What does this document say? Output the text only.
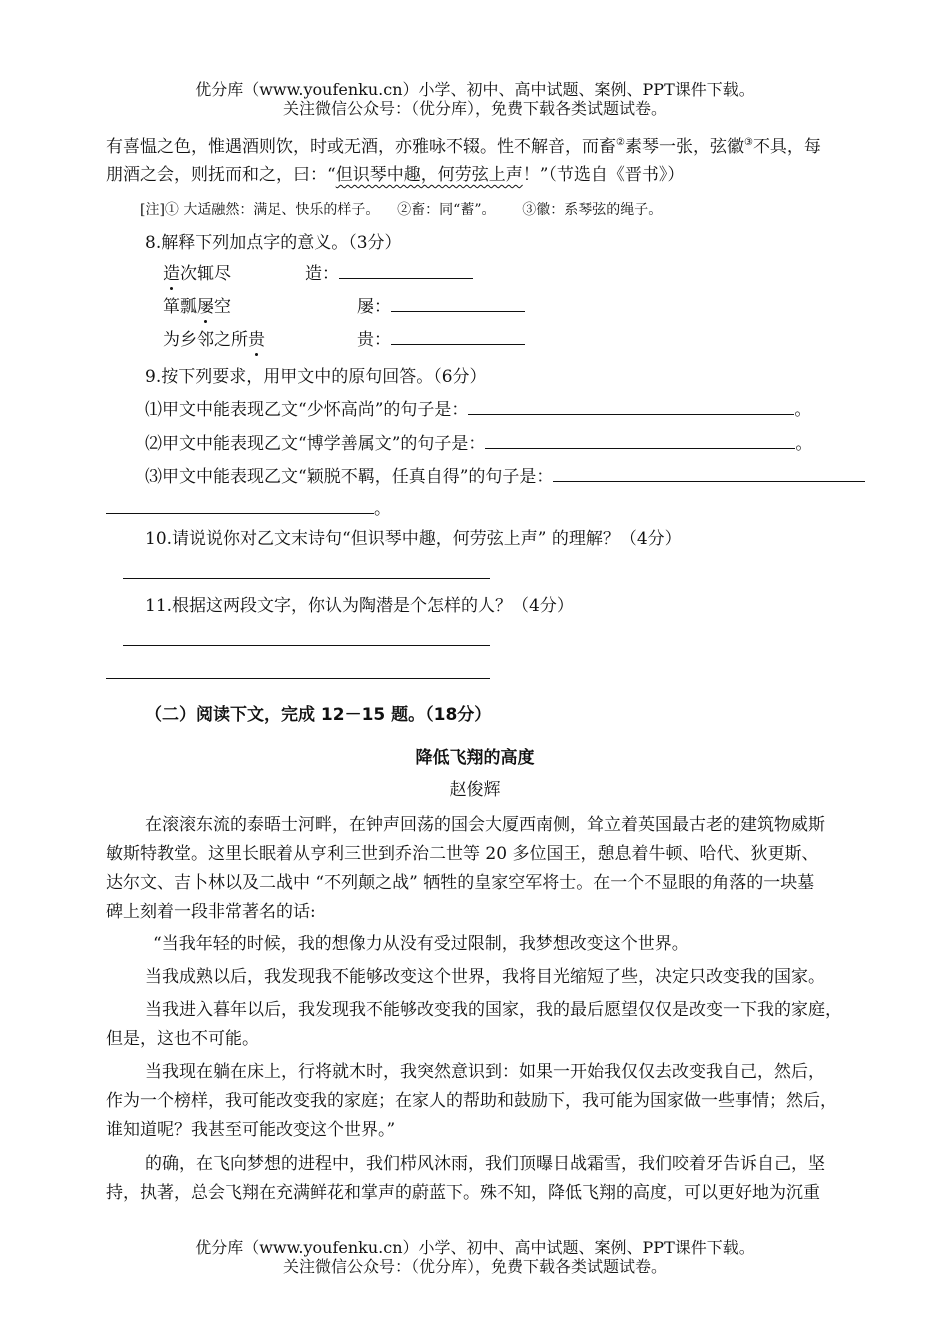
优分库（www.youfenku.cn）小学、初中、高中试题、案例、PPT课件下载。
关注微信公众号：（优分库），免费下载各类试题试卷。
有喜愠之色，惟遇酒则饮，时或无酒，亦雅咏不辍。性不解音，而畜②素琴一张，弦徽③不具，每
朋酒之会，则抚而和之，曰：“但识琴中趣，何劳弦上声！”（节选自《晋书》）
[注]① 大适融然：满足、快乐的样子。    ②畜：同“蓄”。      ③徽：系琴弦的绳子。
8.解释下列加点字的意义。（3分）
造次辄尽	造：
箪瓢屡空	屡：
为乡邻之所贵	贵：
9.按下列要求，用甲文中的原句回答。（6分）
⑴甲文中能表现乙文“少怀高尚”的句子是：	。
⑵甲文中能表现乙文“博学善属文”的句子是：	。
⑶甲文中能表现乙文“颖脱不羁，任真自得”的句子是：
。
10.请说说你对乙文末诗句“但识琴中趣，何劳弦上声” 的理解？（4分）
11.根据这两段文字，你认为陶潜是个怎样的人？（4分）
（二）阅读下文，完成 12－15 题。（18分）
降低飞翔的高度
赵俊辉
在滚滚东流的泰晤士河畔，在钟声回荡的国会大厦西南侧，耸立着英国最古老的建筑物威斯
敏斯特教堂。这里长眠着从亨利三世到乔治二世等 20 多位国王，憩息着牛顿、哈代、狄更斯、
达尔文、吉卜林以及二战中 “不列颠之战” 牺牲的皇家空军将士。在一个不显眼的角落的一块墓
碑上刻着一段非常著名的话:
“当我年轻的时候，我的想像力从没有受过限制，我梦想改变这个世界。
当我成熟以后，我发现我不能够改变这个世界，我将目光缩短了些，决定只改变我的国家。
当我进入暮年以后，我发现我不能够改变我的国家，我的最后愿望仅仅是改变一下我的家庭，
但是，这也不可能。
当我现在躺在床上，行将就木时，我突然意识到：如果一开始我仅仅去改变我自己，然后，
作为一个榜样，我可能改变我的家庭；在家人的帮助和鼓励下，我可能为国家做一些事情；然后，
谁知道呢？我甚至可能改变这个世界。”
的确，在飞向梦想的进程中，我们栉风沐雨，我们顶曝日战霜雪，我们咬着牙告诉自己，坚
持，执著，总会飞翔在充满鲜花和掌声的蔚蓝下。殊不知，降低飞翔的高度，可以更好地为沉重
优分库（www.youfenku.cn）小学、初中、高中试题、案例、PPT课件下载。
关注微信公众号：（优分库），免费下载各类试题试卷。
